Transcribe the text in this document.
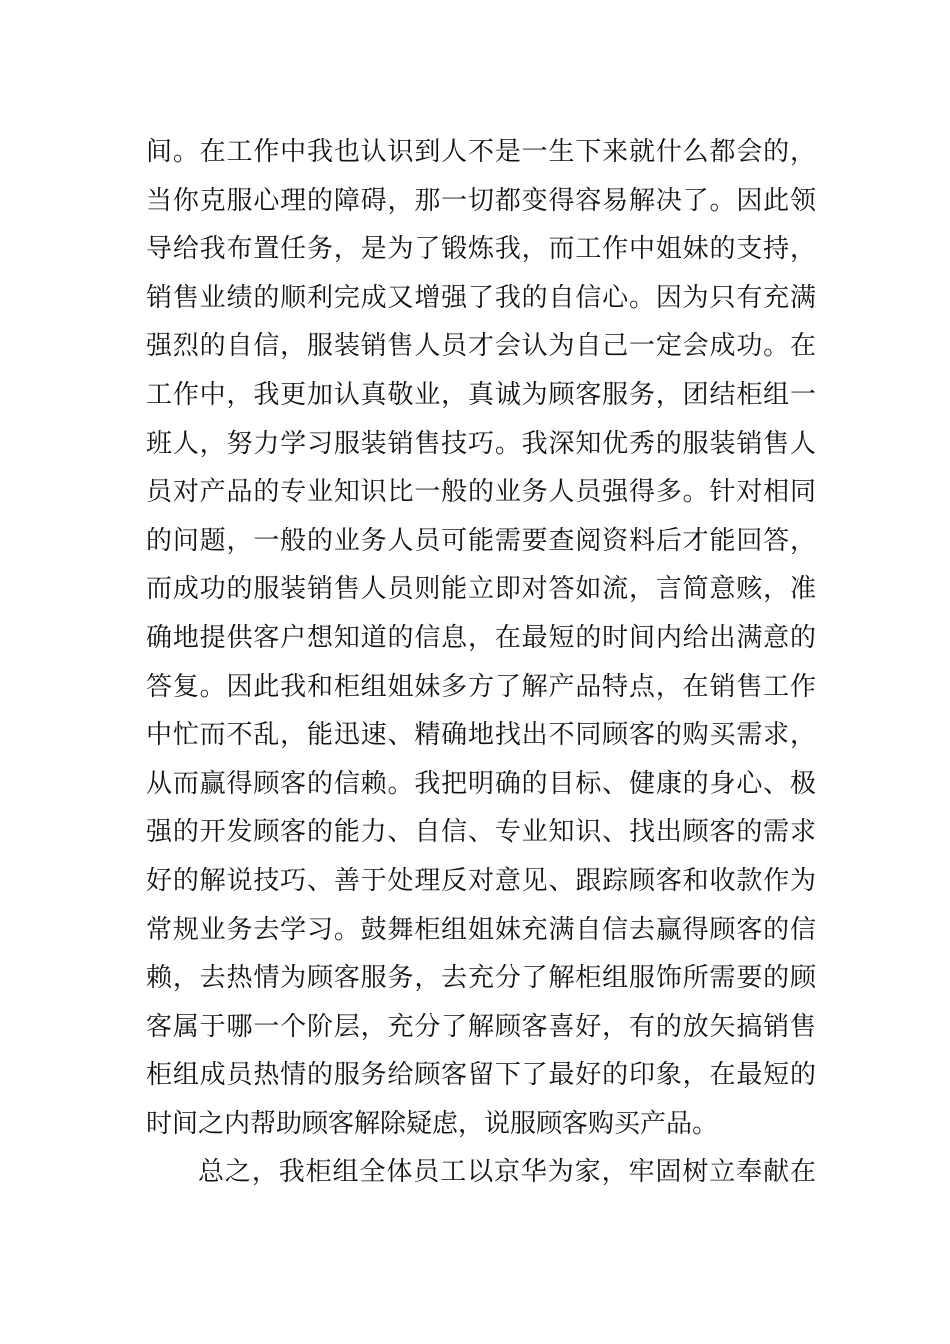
间。在工作中我也认识到人不是一生下来就什么都会的，
当你克服心理的障碍，那一切都变得容易解决了。因此领
导给我布置任务，是为了锻炼我，而工作中姐妹的支持，
销售业绩的顺利完成又增强了我的自信心。因为只有充满
强烈的自信，服装销售人员才会认为自己一定会成功。在
工作中，我更加认真敬业，真诚为顾客服务，团结柜组一
班人，努力学习服装销售技巧。我深知优秀的服装销售人
员对产品的专业知识比一般的业务人员强得多。针对相同
的问题，一般的业务人员可能需要查阅资料后才能回答，
而成功的服装销售人员则能立即对答如流，言简意赅，准
确地提供客户想知道的信息，在最短的时间内给出满意的
答复。因此我和柜组姐妹多方了解产品特点，在销售工作
中忙而不乱，能迅速、精确地找出不同顾客的购买需求，
从而赢得顾客的信赖。我把明确的目标、健康的身心、极
强的开发顾客的能力、自信、专业知识、找出顾客的需求
好的解说技巧、善于处理反对意见、跟踪顾客和收款作为
常规业务去学习。鼓舞柜组姐妹充满自信去赢得顾客的信
赖，去热情为顾客服务，去充分了解柜组服饰所需要的顾
客属于哪一个阶层，充分了解顾客喜好，有的放矢搞销售
柜组成员热情的服务给顾客留下了最好的印象，在最短的
时间之内帮助顾客解除疑虑，说服顾客购买产品。
总之，我柜组全体员工以京华为家，牢固树立奉献在
